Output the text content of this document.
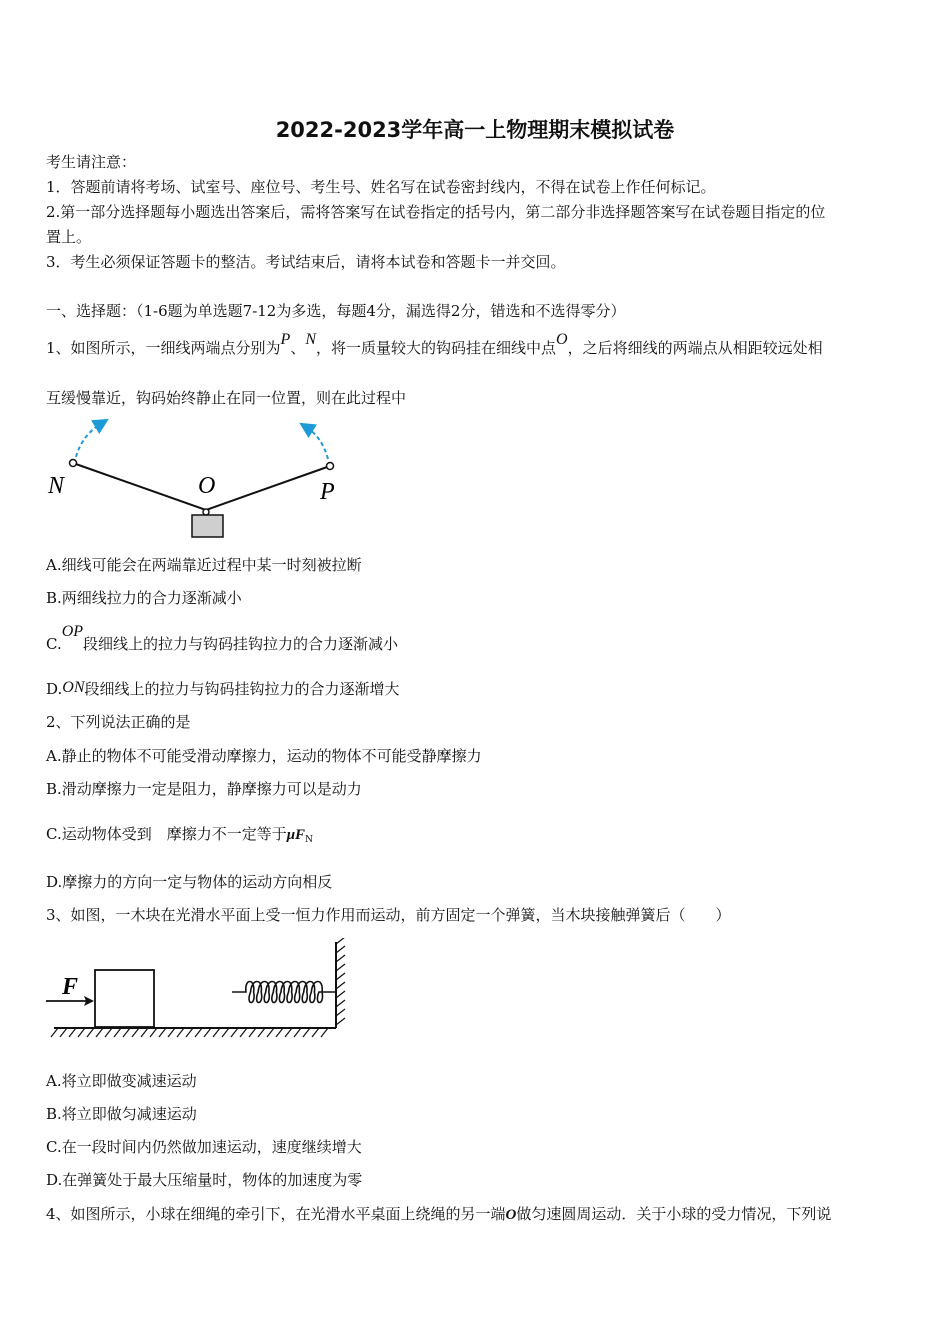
2022-2023学年高一上物理期末模拟试卷
考生请注意：
1．答题前请将考场、试室号、座位号、考生号、姓名写在试卷密封线内，不得在试卷上作任何标记。
2.第一部分选择题每小题选出答案后，需将答案写在试卷指定的括号内，第二部分非选择题答案写在试卷题目指定的位
置上。
3．考生必须保证答题卡的整洁。考试结束后，请将本试卷和答题卡一并交回。
一、选择题：（1-6题为单选题7-12为多选，每题4分，漏选得2分，错选和不选得零分）
1、如图所示，一细线两端点分别为P、N，将一质量较大的钩码挂在细线中点O，之后将细线的两端点从相距较远处相
互缓慢靠近，钩码始终静止在同一位置，则在此过程中
N	O	P
A.细线可能会在两端靠近过程中某一时刻被拉断
B.两细线拉力的合力逐渐减小
C.OP段细线上的拉力与钩码挂钩拉力的合力逐渐减小
D.ON段细线上的拉力与钩码挂钩拉力的合力逐渐增大
2、下列说法正确的是
A.静止的物体不可能受滑动摩擦力，运动的物体不可能受静摩擦力
B.滑动摩擦力一定是阻力，静摩擦力可以是动力
C.运动物体受到　摩擦力不一定等于$\mu F_N$
D.摩擦力的方向一定与物体的运动方向相反
3、如图，一木块在光滑水平面上受一恒力作用而运动，前方固定一个弹簧，当木块接触弹簧后（　　）
F
A.将立即做变减速运动
B.将立即做匀减速运动
C.在一段时间内仍然做加速运动，速度继续增大
D.在弹簧处于最大压缩量时，物体的加速度为零
4、如图所示，小球在细绳的牵引下，在光滑水平桌面上绕绳的另一端O做匀速圆周运动．关于小球的受力情况，下列说
